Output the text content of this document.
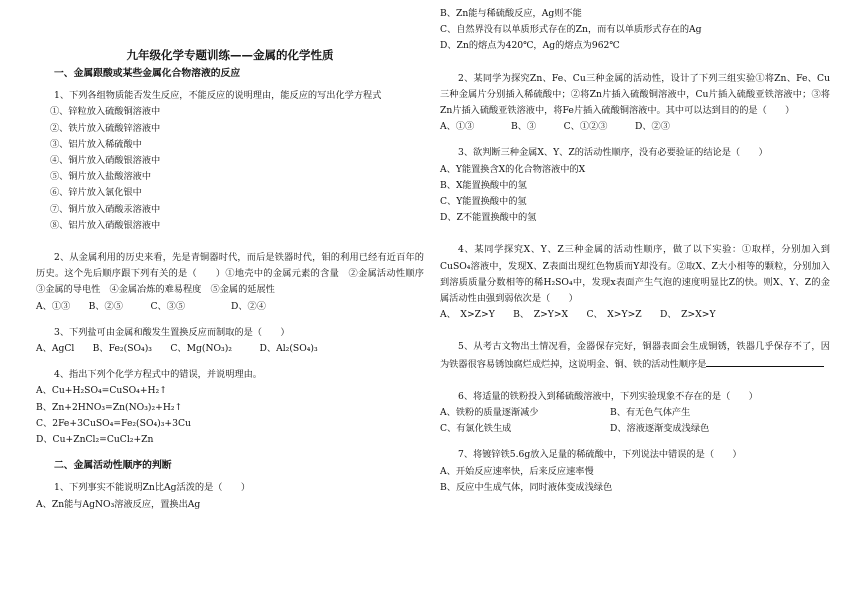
九年级化学专题训练——金属的化学性质

一、金属跟酸或某些金属化合物溶液的反应

1、下列各组物质能否发生反应，不能反应的说明理由，能反应的写出化学方程式

①、锌粒放入硫酸铜溶液中

②、铁片放入硫酸锌溶液中

③、铝片放入稀硫酸中

④、铜片放入硝酸银溶液中

⑤、铜片放入盐酸溶液中

⑥、锌片放入氯化银中

⑦、铜片放入硝酸汞溶液中

⑧、铝片放入硝酸银溶液中

2、从金属利用的历史来看，先是青铜器时代，而后是铁器时代，钼的利用已经有近百年的历史。这个先后顺序跟下列有关的是（　　）①地壳中的金属元素的含量　②金属活动性顺序　③金属的导电性　④金属冶炼的难易程度　⑤金属的延展性

A、①③　　B、②⑤　　　C、③⑤　　　　　D、②④

3、下列盐可由金属和酸发生置换反应而制取的是（　　）

A、AgCl　　B、Fe₂(SO₄)₃　　C、Mg(NO₃)₂　　　D、Al₂(SO₄)₃

4、指出下列个化学方程式中的错误，并说明理由。

A、Cu+H₂SO₄=CuSO₄+H₂↑

B、Zn+2HNO₃=Zn(NO₃)₂+H₂↑

C、2Fe+3CuSO₄=Fe₂(SO₄)₃+3Cu

D、Cu+ZnCl₂=CuCl₂+Zn

二、金属活动性顺序的判断

1、下列事实不能说明Zn比Ag活泼的是（　　）

A、Zn能与AgNO₃溶液反应，置换出Ag

B、Zn能与稀硫酸反应，Ag则不能

C、自然界没有以单质形式存在的Zn，而有以单质形式存在的Ag

D、Zn的熔点为420℃，Ag的熔点为962℃

2、某同学为探究Zn、Fe、Cu三种金属的活动性，设计了下列三组实验①将Zn、Fe、Cu三种金属片分别插入稀硫酸中；②将Zn片插入硫酸铜溶液中，Cu片插入硫酸亚铁溶液中；③将Zn片插入硫酸亚铁溶液中，将Fe片插入硫酸铜溶液中。其中可以达到目的的是（　　）

A、①③　　　　B、③　　　C、①②③　　　D、②③

3、欲判断三种金属X、Y、Z的活动性顺序，没有必要验证的结论是（　　）

A、Y能置换含X的化合物溶液中的X

B、X能置换酸中的氢

C、Y能置换酸中的氢

D、Z不能置换酸中的氢

4、某同学探究X、Y、Z三种金属的活动性顺序，做了以下实验：①取样，分别加入到CuSO₄溶液中，发现X、Z表面出现红色物质而Y却没有。②取X、Z大小相等的颗粒，分别加入到溶质质量分数相等的稀H₂SO₄中，发现x表面产生气泡的速度明显比Z的快。则X、Y、Z的金属活动性由强到弱依次是（　　）

A、　X>Z>Y　　B、　Z>Y>X　　C、　X>Y>Z　　D、　Z>X>Y

5、从考古文物出土情况看，金器保存完好，铜器表面会生成铜锈，铁器几乎保存不了，因为铁器很容易锈蚀腐烂成烂掉，这说明金、铜、铁的活动性顺序是

6、将适量的铁粉投入到稀硫酸溶液中，下列实验现象不存在的是（　　）

A、铁粉的质量逐渐减少	B、有无色气体产生

C、有氯化铁生成	D、溶液逐渐变成浅绿色

7、将镀锌铁5.6g放入足量的稀硫酸中，下列说法中错误的是（　　）

A、开始反应速率快，后来反应速率慢

B、反应中生成气体，同时液体变成浅绿色
